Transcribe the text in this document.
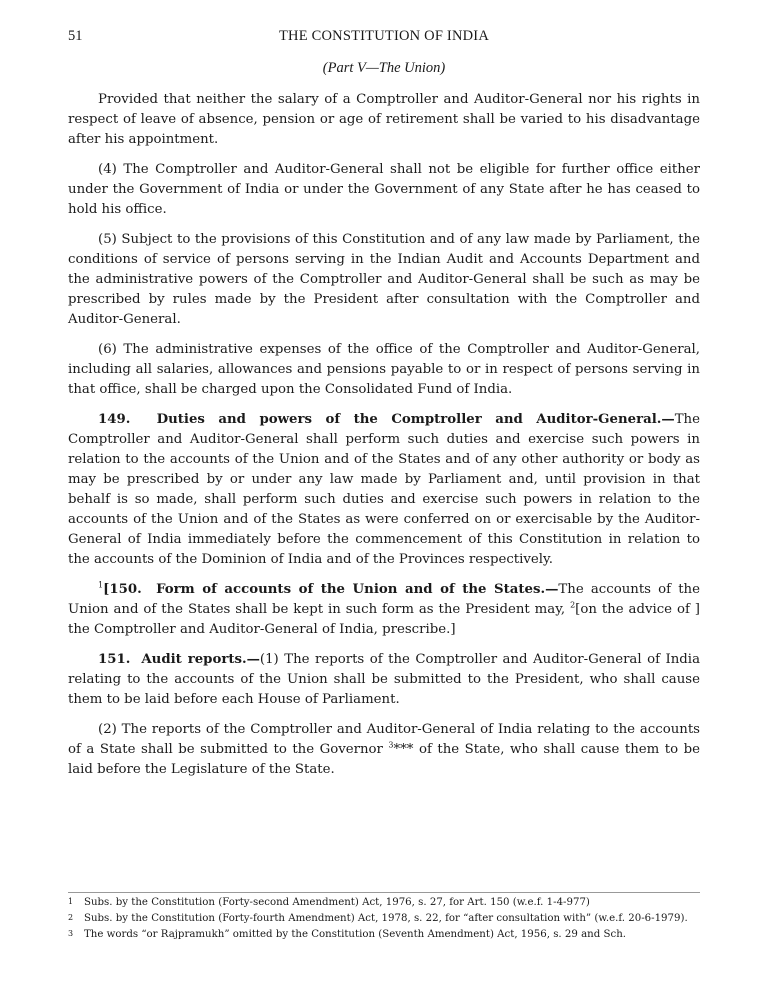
51	THE CONSTITUTION OF INDIA
(Part V—The Union)

Provided that neither the salary of a Comptroller and Auditor-General nor his rights in respect of leave of absence, pension or age of retirement shall be varied to his disadvantage after his appointment.

(4) The Comptroller and Auditor-General shall not be eligible for further office either under the Government of India or under the Government of any State after he has ceased to hold his office.

(5) Subject to the provisions of this Constitution and of any law made by Parliament, the conditions of service of persons serving in the Indian Audit and Accounts Department and the administrative powers of the Comptroller and Auditor-General shall be such as may be prescribed by rules made by the President after consultation with the Comptroller and Auditor-General.

(6) The administrative expenses of the office of the Comptroller and Auditor-General, including all salaries, allowances and pensions payable to or in respect of persons serving in that office, shall be charged upon the Consolidated Fund of India.

149. Duties and powers of the Comptroller and Auditor-General.—The Comptroller and Auditor-General shall perform such duties and exercise such powers in relation to the accounts of the Union and of the States and of any other authority or body as may be prescribed by or under any law made by Parliament and, until provision in that behalf is so made, shall perform such duties and exercise such powers in relation to the accounts of the Union and of the States as were conferred on or exercisable by the Auditor-General of India immediately before the commencement of this Constitution in relation to the accounts of the Dominion of India and of the Provinces respectively.

$^1$[150. Form of accounts of the Union and of the States.—The accounts of the Union and of the States shall be kept in such form as the President may, $^2$[on the advice of ] the Comptroller and Auditor-General of India, prescribe.]

151. Audit reports.—(1) The reports of the Comptroller and Auditor-General of India relating to the accounts of the Union shall be submitted to the President, who shall cause them to be laid before each House of Parliament.

(2) The reports of the Comptroller and Auditor-General of India relating to the accounts of a State shall be submitted to the Governor $^3$*** of the State, who shall cause them to be laid before the Legislature of the State.

1 Subs. by the Constitution (Forty-second Amendment) Act, 1976, s. 27, for Art. 150 (w.e.f. 1-4-977)
2 Subs. by the Constitution (Forty-fourth Amendment) Act, 1978, s. 22, for “after consultation with” (w.e.f. 20-6-1979).
3 The words “or Rajpramukh” omitted by the Constitution (Seventh Amendment) Act, 1956, s. 29 and Sch.
